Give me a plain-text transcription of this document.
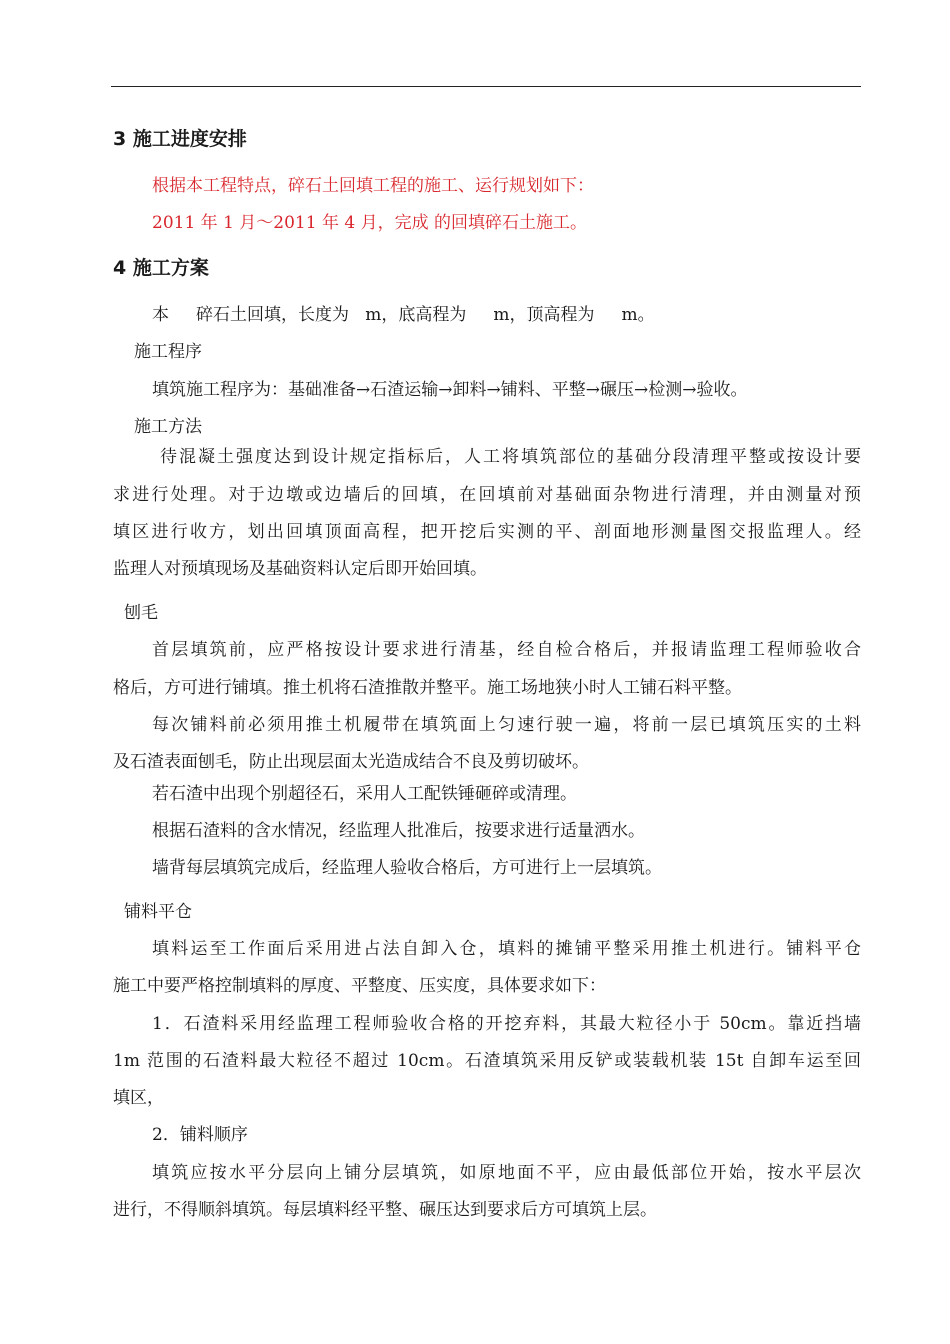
3 施工进度安排
根据本工程特点，碎石土回填工程的施工、运行规划如下：
2011 年 1 月～2011 年 4 月，完成 的回填碎石土施工。
4 施工方案
本     碎石土回填，长度为   m，底高程为     m，顶高程为     m。
施工程序
填筑施工程序为：基础准备→石渣运输→卸料→铺料、平整→碾压→检测→验收。
施工方法
待混凝土强度达到设计规定指标后，人工将填筑部位的基础分段清理平整或按设计要
求进行处理。对于边墩或边墙后的回填，在回填前对基础面杂物进行清理，并由测量对预
填区进行收方，划出回填顶面高程，把开挖后实测的平、剖面地形测量图交报监理人。经
监理人对预填现场及基础资料认定后即开始回填。
刨毛
首层填筑前，应严格按设计要求进行清基，经自检合格后，并报请监理工程师验收合
格后，方可进行铺填。推土机将石渣推散并整平。施工场地狭小时人工铺石料平整。
每次铺料前必须用推土机履带在填筑面上匀速行驶一遍，将前一层已填筑压实的土料
及石渣表面刨毛，防止出现层面太光造成结合不良及剪切破坏。
若石渣中出现个别超径石，采用人工配铁锤砸碎或清理。
根据石渣料的含水情况，经监理人批准后，按要求进行适量洒水。
墙背每层填筑完成后，经监理人验收合格后，方可进行上一层填筑。
铺料平仓
填料运至工作面后采用进占法自卸入仓，填料的摊铺平整采用推土机进行。铺料平仓
施工中要严格控制填料的厚度、平整度、压实度，具体要求如下：
1．石渣料采用经监理工程师验收合格的开挖弃料，其最大粒径小于 50cm。靠近挡墙
1m 范围的石渣料最大粒径不超过 10cm。石渣填筑采用反铲或装载机装 15t 自卸车运至回
填区，
2．铺料顺序
填筑应按水平分层向上铺分层填筑，如原地面不平，应由最低部位开始，按水平层次
进行，不得顺斜填筑。每层填料经平整、碾压达到要求后方可填筑上层。
